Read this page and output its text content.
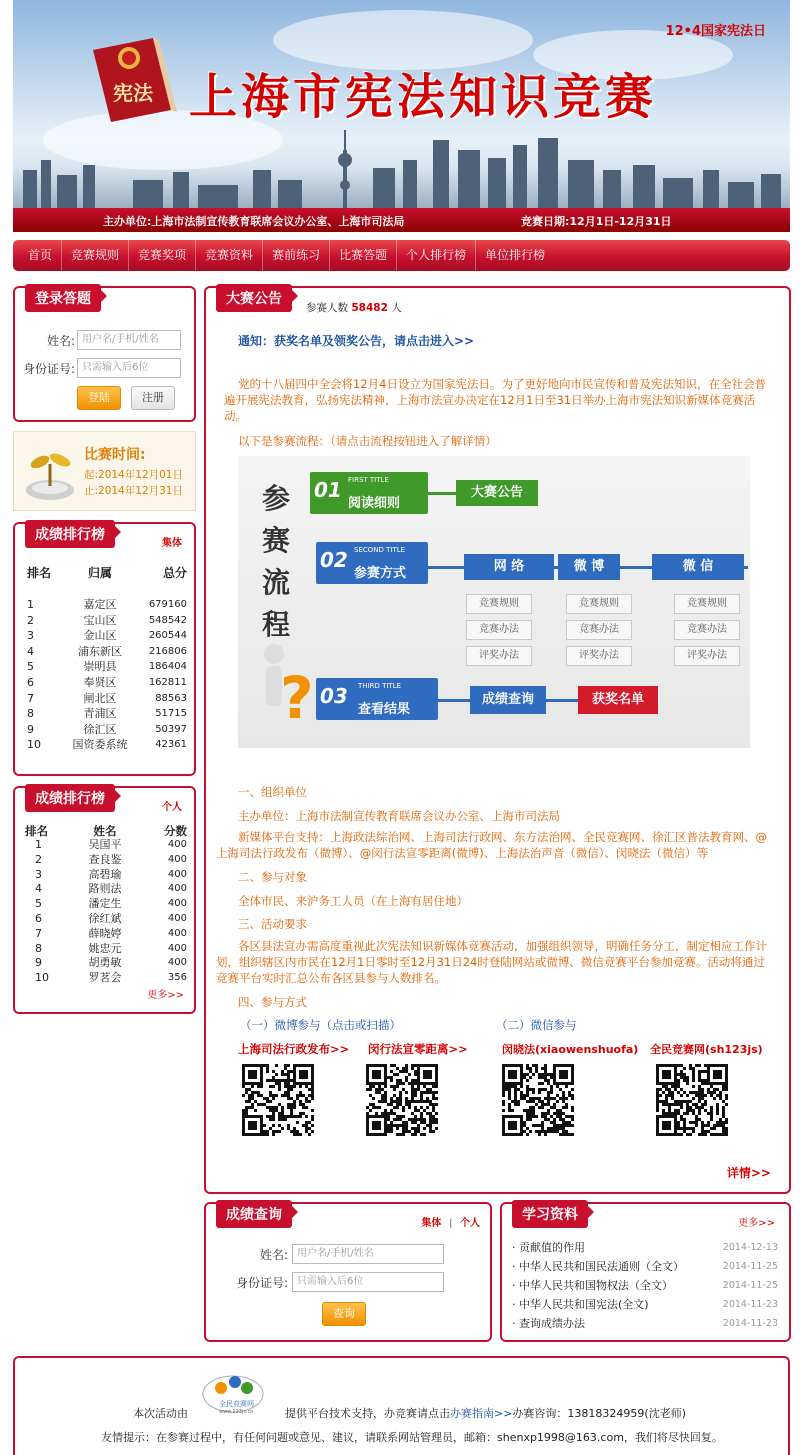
12•4国家宪法日
宪法 上海市宪法知识竞赛
主办单位:上海市法制宣传教育联席会议办公室、上海市司法局	竞赛日期:12月1日-12月31日
首页	竞赛规则	竞赛奖项	竞赛资料	赛前练习	比赛答题	个人排行榜	单位排行榜
登录答题
姓名: 用户名/手机/姓名
身份证号: 只需输入后6位
登陆	注册
比赛时间:
起:2014年12月01日
止:2014年12月31日
成绩排行榜
集体
排名	归属	总分
1	嘉定区	679160
2	宝山区	548542
3	金山区	260544
4	浦东新区	216806
5	崇明县	186404
6	奉贤区	162811
7	闸北区	88563
8	青浦区	51715
9	徐汇区	50397
10	国资委系统	42361
成绩排行榜
个人
排名	姓名	分数
1	吴国平	400
2	查良鉴	400
3	高碧瑜	400
4	路则法	400
5	潘定生	400
6	徐红斌	400
7	薛晓婷	400
8	姚忠元	400
9	胡勇敏	400
10	罗茗会	356
更多>>
大赛公告
参赛人数 58482 人
通知：获奖名单及领奖公告，请点击进入>>
党的十八届四中全会将12月4日设立为国家宪法日。为了更好地向市民宣传和普及宪法知识，在全社会普遍开展宪法教育，弘扬宪法精神，上海市法宣办决定在12月1日至31日举办上海市宪法知识新媒体竞赛活动。
以下是参赛流程：（请点击流程按钮进入了解详情）
参
赛
流
程
01 FIRST TITLE
阅读细则
大赛公告
02 SECOND TITLE
参赛方式	网 络	微 博	微 信
竞赛规则
竞赛办法
评奖办法
竞赛规则
竞赛办法
评奖办法
竞赛规则
竞赛办法
评奖办法
? 03 THIRD TITLE
查看结果
成绩查询	获奖名单
一、组织单位
主办单位：上海市法制宣传教育联席会议办公室、上海市司法局
新媒体平台支持：上海政法综治网、上海司法行政网、东方法治网、全民竞赛网、徐汇区普法教育网、@上海司法行政发布（微博）、@闵行法宣零距离(微博)、上海法治声音（微信）、闵晓法（微信）等
二、参与对象
全体市民、来沪务工人员（在上海有居住地）
三、活动要求
各区县法宣办需高度重视此次宪法知识新媒体竞赛活动，加强组织领导，明确任务分工，制定相应工作计划，组织辖区内市民在12月1日零时至12月31日24时登陆网站或微博、微信竞赛平台参加竞赛。活动将通过竞赛平台实时汇总公布各区县参与人数排名。
四、参与方式
（一）微博参与（点击或扫描）	（二）微信参与
上海司法行政发布>> 闵行法宣零距离>>	闵晓法(xiaowenshuofa) 全民竞赛网(sh123js)
详情>>
成绩查询
集体 | 个人
姓名: 用户名/手机/姓名
身份证号: 只需输入后6位
查询
学习资料
更多>>
· 贡献值的作用	2014-12-13
· 中华人民共和国民法通则（全文）	2014-11-25
· 中华人民共和国物权法（全文）	2014-11-25
· 中华人民共和国宪法(全文)	2014-11-23
· 查询成绩办法	2014-11-23
本次活动由
全民竞赛网
www.123js.cn	提供平台技术支持，办竞赛请点击办赛指南>>办赛咨询：13818324959(沈老师)
友情提示：在参赛过程中，有任何问题或意见、建议，请联系网站管理员，邮箱：shenxp1998@163.com，我们将尽快回复。
